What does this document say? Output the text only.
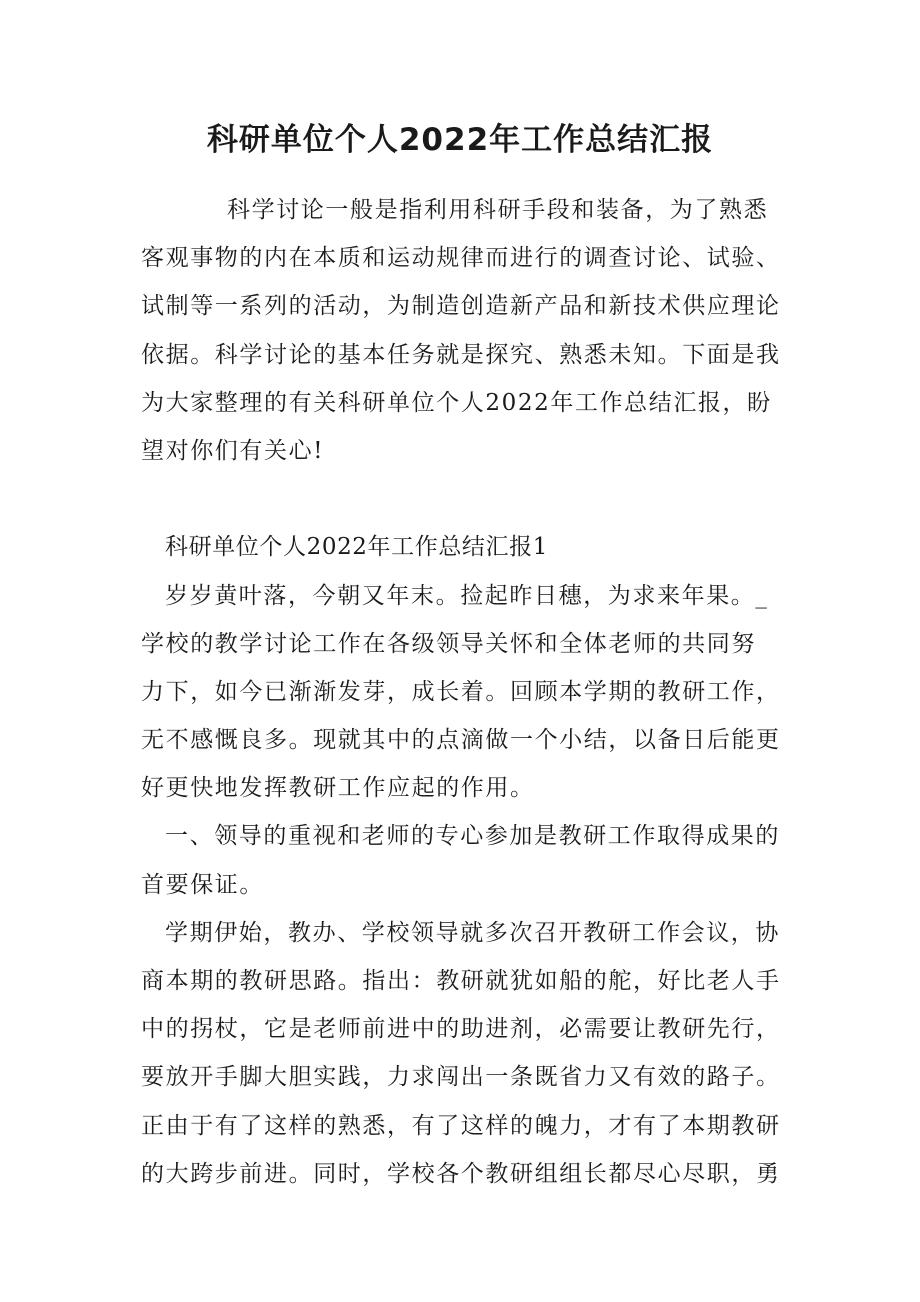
科研单位个人2022年工作总结汇报

科学讨论一般是指利用科研手段和装备，为了熟悉

客观事物的内在本质和运动规律而进行的调查讨论、试验、

试制等一系列的活动，为制造创造新产品和新技术供应理论

依据。科学讨论的基本任务就是探究、熟悉未知。下面是我

为大家整理的有关科研单位个人2022年工作总结汇报，盼

望对你们有关心!

科研单位个人2022年工作总结汇报1

岁岁黄叶落，今朝又年末。捡起昨日穗，为求来年果。_

学校的教学讨论工作在各级领导关怀和全体老师的共同努

力下，如今已渐渐发芽，成长着。回顾本学期的教研工作，

无不感慨良多。现就其中的点滴做一个小结，以备日后能更

好更快地发挥教研工作应起的作用。

一、领导的重视和老师的专心参加是教研工作取得成果的

首要保证。

学期伊始，教办、学校领导就多次召开教研工作会议，协

商本期的教研思路。指出：教研就犹如船的舵，好比老人手

中的拐杖，它是老师前进中的助进剂，必需要让教研先行，

要放开手脚大胆实践，力求闯出一条既省力又有效的路子。

正由于有了这样的熟悉，有了这样的魄力，才有了本期教研

的大跨步前进。同时，学校各个教研组组长都尽心尽职，勇
